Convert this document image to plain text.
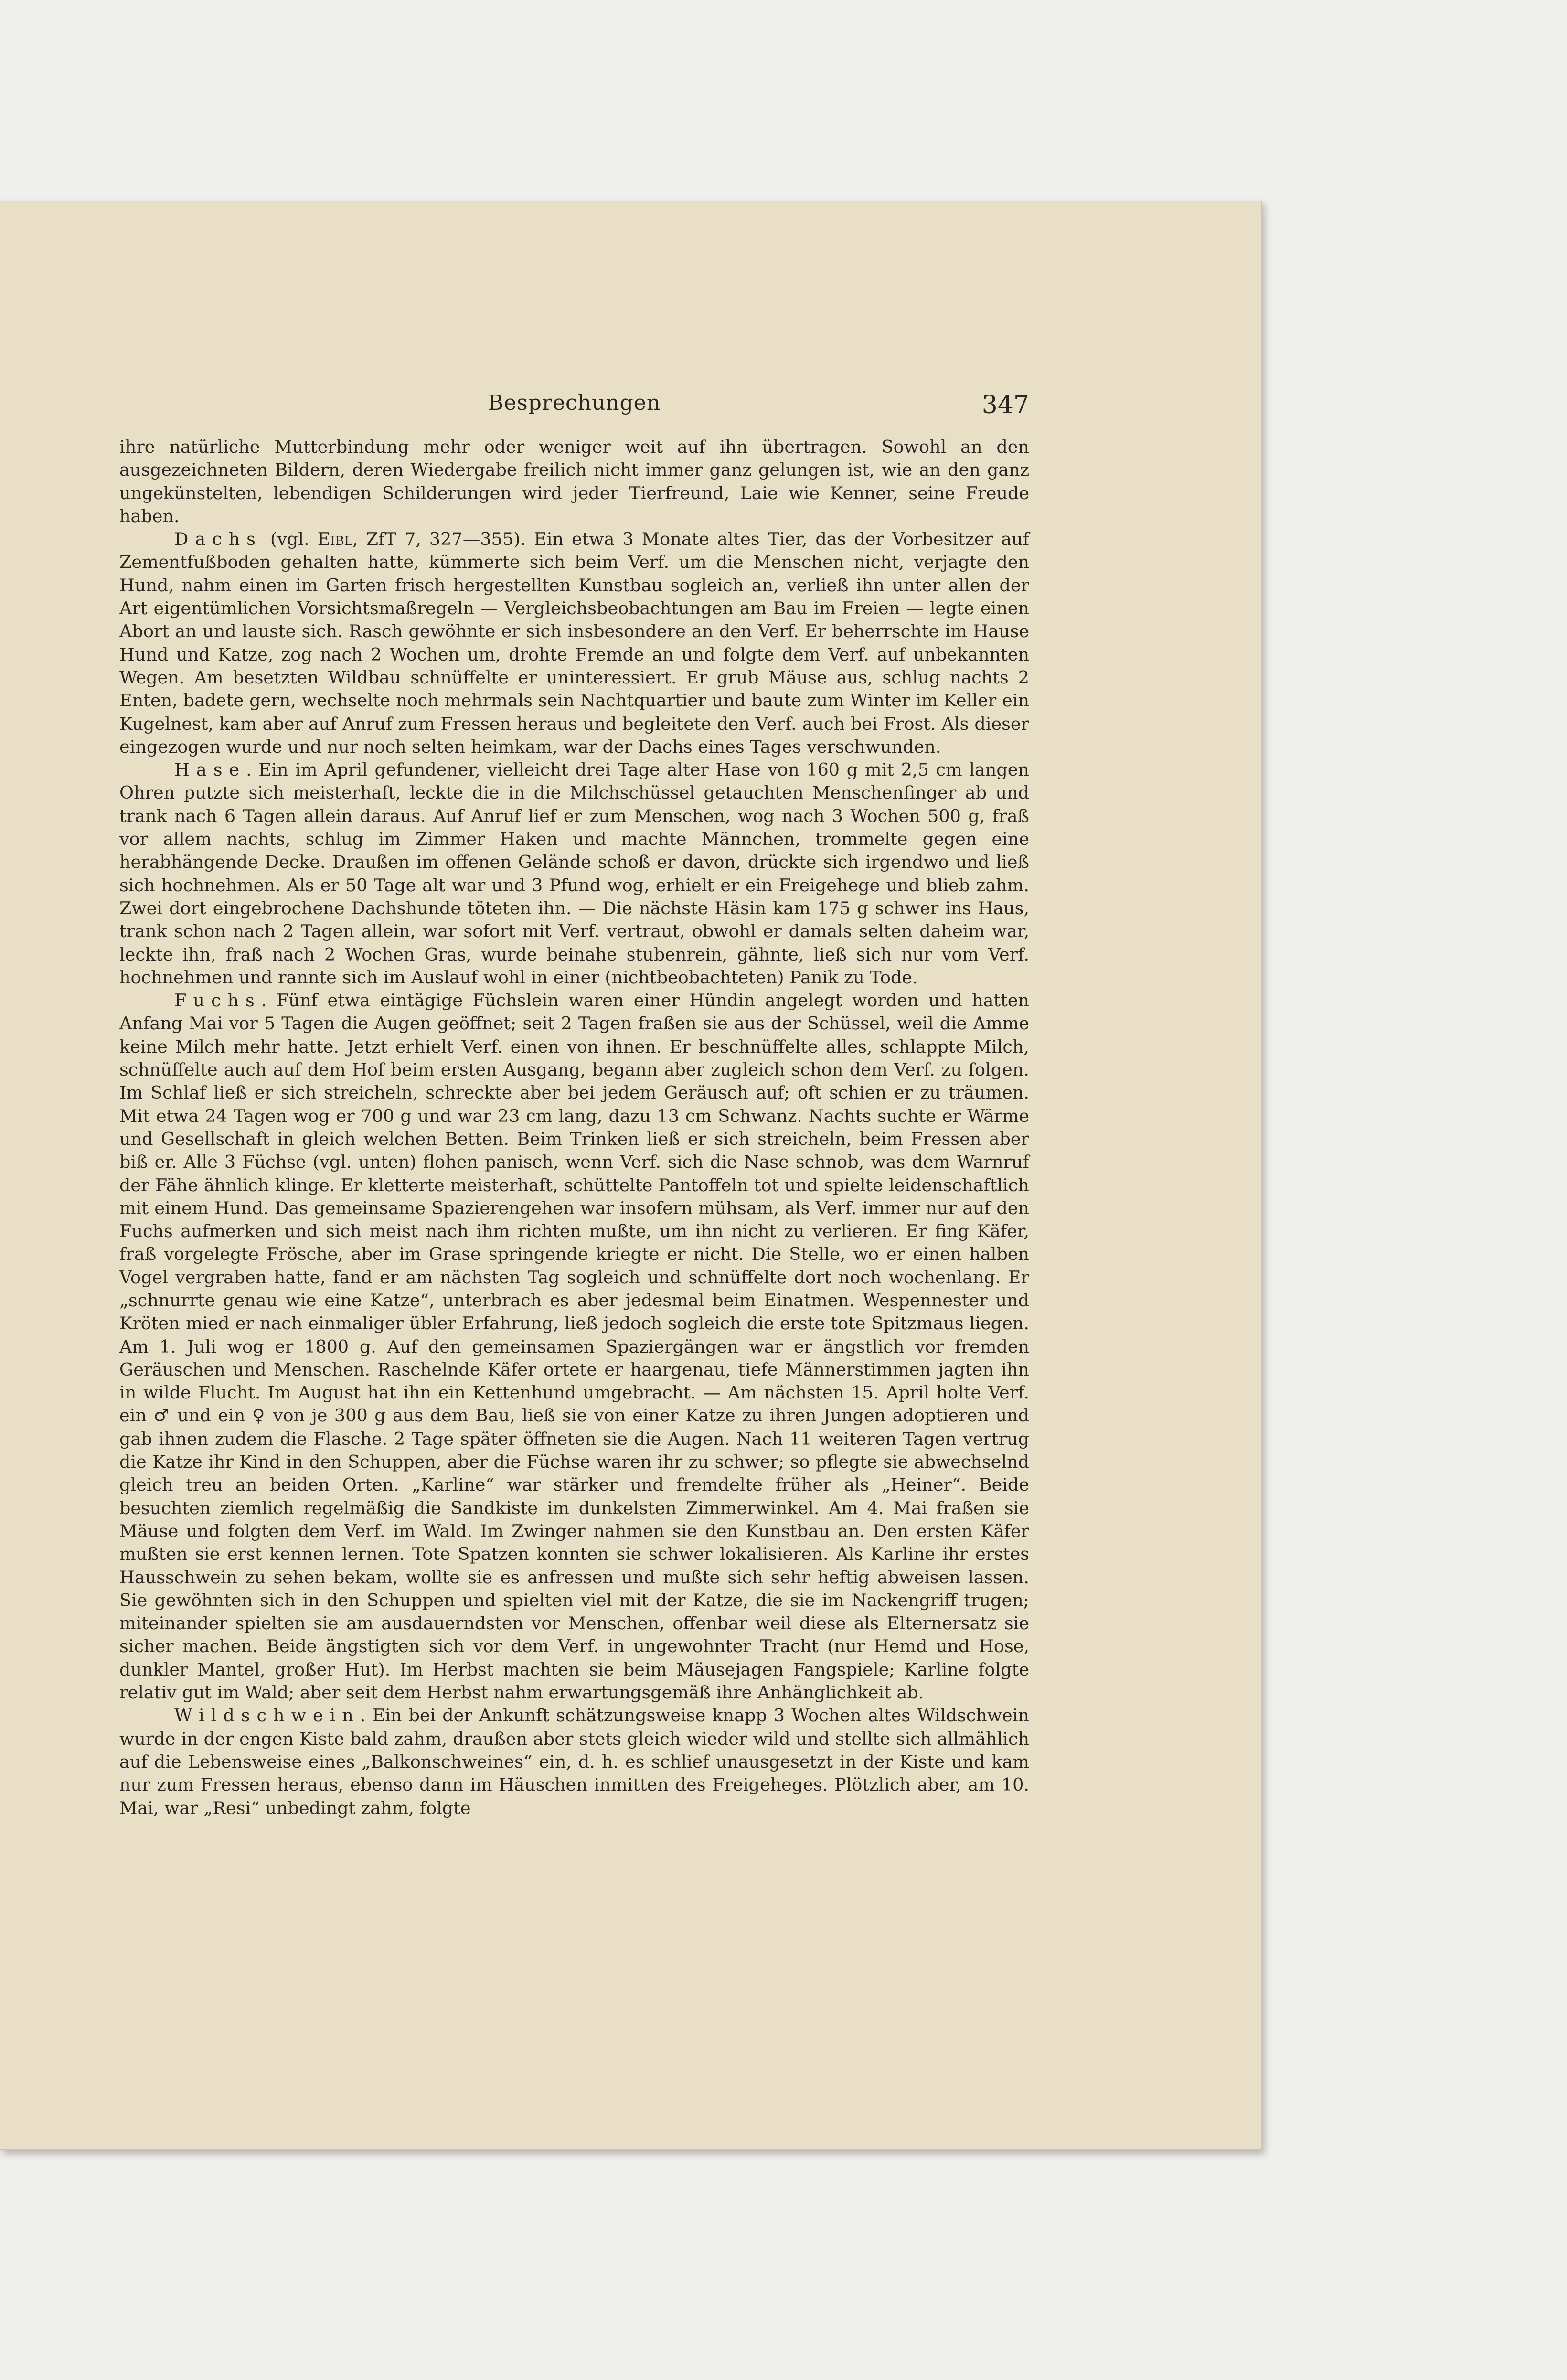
Besprechungen	347

ihre natürliche Mutterbindung mehr oder weniger weit auf ihn übertragen. Sowohl an den ausgezeichneten Bildern, deren Wiedergabe freilich nicht immer ganz gelungen ist, wie an den ganz ungekünstelten, lebendigen Schilderungen wird jeder Tierfreund, Laie wie Kenner, seine Freude haben.

Dachs (vgl. Eibl, ZfT 7, 327—355). Ein etwa 3 Monate altes Tier, das der Vorbesitzer auf Zementfußboden gehalten hatte, kümmerte sich beim Verf. um die Menschen nicht, verjagte den Hund, nahm einen im Garten frisch hergestellten Kunstbau sogleich an, verließ ihn unter allen der Art eigentümlichen Vorsichtsmaßregeln — Vergleichsbeobachtungen am Bau im Freien — legte einen Abort an und lauste sich. Rasch gewöhnte er sich insbesondere an den Verf. Er beherrschte im Hause Hund und Katze, zog nach 2 Wochen um, drohte Fremde an und folgte dem Verf. auf unbekannten Wegen. Am besetzten Wildbau schnüffelte er uninteressiert. Er grub Mäuse aus, schlug nachts 2 Enten, badete gern, wechselte noch mehrmals sein Nachtquartier und baute zum Winter im Keller ein Kugelnest, kam aber auf Anruf zum Fressen heraus und begleitete den Verf. auch bei Frost. Als dieser eingezogen wurde und nur noch selten heimkam, war der Dachs eines Tages verschwunden.

Hase. Ein im April gefundener, vielleicht drei Tage alter Hase von 160 g mit 2,5 cm langen Ohren putzte sich meisterhaft, leckte die in die Milchschüssel getauchten Menschenfinger ab und trank nach 6 Tagen allein daraus. Auf Anruf lief er zum Menschen, wog nach 3 Wochen 500 g, fraß vor allem nachts, schlug im Zimmer Haken und machte Männchen, trommelte gegen eine herabhängende Decke. Draußen im offenen Gelände schoß er davon, drückte sich irgendwo und ließ sich hochnehmen. Als er 50 Tage alt war und 3 Pfund wog, erhielt er ein Freigehege und blieb zahm. Zwei dort eingebrochene Dachshunde töteten ihn. — Die nächste Häsin kam 175 g schwer ins Haus, trank schon nach 2 Tagen allein, war sofort mit Verf. vertraut, obwohl er damals selten daheim war, leckte ihn, fraß nach 2 Wochen Gras, wurde beinahe stubenrein, gähnte, ließ sich nur vom Verf. hochnehmen und rannte sich im Auslauf wohl in einer (nichtbeobachteten) Panik zu Tode.

Fuchs. Fünf etwa eintägige Füchslein waren einer Hündin angelegt worden und hatten Anfang Mai vor 5 Tagen die Augen geöffnet; seit 2 Tagen fraßen sie aus der Schüssel, weil die Amme keine Milch mehr hatte. Jetzt erhielt Verf. einen von ihnen. Er beschnüffelte alles, schlappte Milch, schnüffelte auch auf dem Hof beim ersten Ausgang, begann aber zugleich schon dem Verf. zu folgen. Im Schlaf ließ er sich streicheln, schreckte aber bei jedem Geräusch auf; oft schien er zu träumen. Mit etwa 24 Tagen wog er 700 g und war 23 cm lang, dazu 13 cm Schwanz. Nachts suchte er Wärme und Gesellschaft in gleich welchen Betten. Beim Trinken ließ er sich streicheln, beim Fressen aber biß er. Alle 3 Füchse (vgl. unten) flohen panisch, wenn Verf. sich die Nase schnob, was dem Warnruf der Fähe ähnlich klinge. Er kletterte meisterhaft, schüttelte Pantoffeln tot und spielte leidenschaftlich mit einem Hund. Das gemeinsame Spazierengehen war insofern mühsam, als Verf. immer nur auf den Fuchs aufmerken und sich meist nach ihm richten mußte, um ihn nicht zu verlieren. Er fing Käfer, fraß vorgelegte Frösche, aber im Grase springende kriegte er nicht. Die Stelle, wo er einen halben Vogel vergraben hatte, fand er am nächsten Tag sogleich und schnüffelte dort noch wochenlang. Er „schnurrte genau wie eine Katze“, unterbrach es aber jedesmal beim Einatmen. Wespennester und Kröten mied er nach einmaliger übler Erfahrung, ließ jedoch sogleich die erste tote Spitzmaus liegen. Am 1. Juli wog er 1800 g. Auf den gemeinsamen Spaziergängen war er ängstlich vor fremden Geräuschen und Menschen. Raschelnde Käfer ortete er haargenau, tiefe Männerstimmen jagten ihn in wilde Flucht. Im August hat ihn ein Kettenhund umgebracht. — Am nächsten 15. April holte Verf. ein ♂ und ein ♀ von je 300 g aus dem Bau, ließ sie von einer Katze zu ihren Jungen adoptieren und gab ihnen zudem die Flasche. 2 Tage später öffneten sie die Augen. Nach 11 weiteren Tagen vertrug die Katze ihr Kind in den Schuppen, aber die Füchse waren ihr zu schwer; so pflegte sie abwechselnd gleich treu an beiden Orten. „Karline“ war stärker und fremdelte früher als „Heiner“. Beide besuchten ziemlich regelmäßig die Sandkiste im dunkelsten Zimmerwinkel. Am 4. Mai fraßen sie Mäuse und folgten dem Verf. im Wald. Im Zwinger nahmen sie den Kunstbau an. Den ersten Käfer mußten sie erst kennen lernen. Tote Spatzen konnten sie schwer lokalisieren. Als Karline ihr erstes Hausschwein zu sehen bekam, wollte sie es anfressen und mußte sich sehr heftig abweisen lassen. Sie gewöhnten sich in den Schuppen und spielten viel mit der Katze, die sie im Nackengriff trugen; miteinander spielten sie am ausdauerndsten vor Menschen, offenbar weil diese als Elternersatz sie sicher machen. Beide ängstigten sich vor dem Verf. in ungewohnter Tracht (nur Hemd und Hose, dunkler Mantel, großer Hut). Im Herbst machten sie beim Mäusejagen Fangspiele; Karline folgte relativ gut im Wald; aber seit dem Herbst nahm erwartungsgemäß ihre Anhänglichkeit ab.

Wildschwein. Ein bei der Ankunft schätzungsweise knapp 3 Wochen altes Wildschwein wurde in der engen Kiste bald zahm, draußen aber stets gleich wieder wild und stellte sich allmählich auf die Lebensweise eines „Balkonschweines“ ein, d. h. es schlief unausgesetzt in der Kiste und kam nur zum Fressen heraus, ebenso dann im Häuschen inmitten des Freigeheges. Plötzlich aber, am 10. Mai, war „Resi“ unbedingt zahm, folgte
